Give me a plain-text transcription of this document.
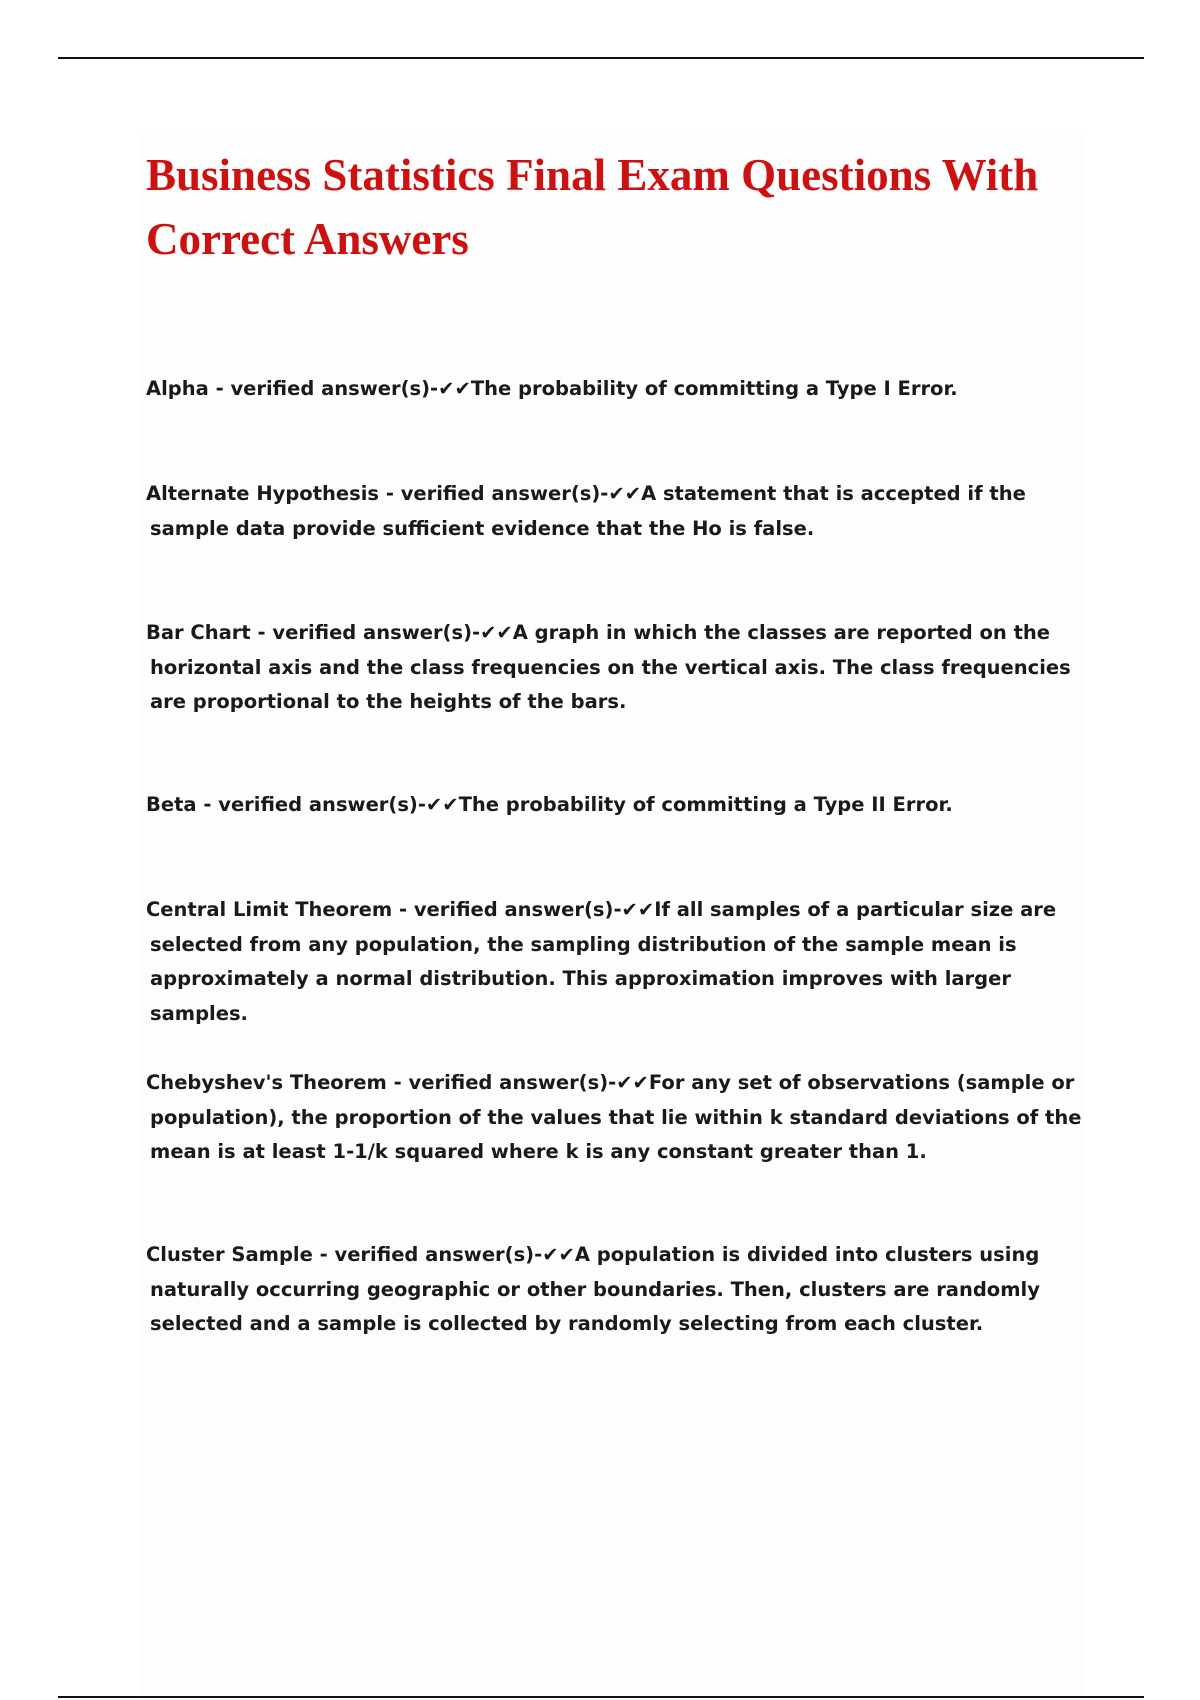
Business Statistics Final Exam Questions With Correct Answers

Alpha - verified answer(s)-✔✔The probability of committing a Type I Error.

Alternate Hypothesis - verified answer(s)-✔✔A statement that is accepted if the sample data provide sufficient evidence that the Ho is false.

Bar Chart - verified answer(s)-✔✔A graph in which the classes are reported on the horizontal axis and the class frequencies on the vertical axis. The class frequencies are proportional to the heights of the bars.

Beta - verified answer(s)-✔✔The probability of committing a Type II Error.

Central Limit Theorem - verified answer(s)-✔✔If all samples of a particular size are selected from any population, the sampling distribution of the sample mean is approximately a normal distribution. This approximation improves with larger samples.

Chebyshev's Theorem - verified answer(s)-✔✔For any set of observations (sample or population), the proportion of the values that lie within k standard deviations of the mean is at least 1-1/k squared where k is any constant greater than 1.

Cluster Sample - verified answer(s)-✔✔A population is divided into clusters using naturally occurring geographic or other boundaries. Then, clusters are randomly selected and a sample is collected by randomly selecting from each cluster.
